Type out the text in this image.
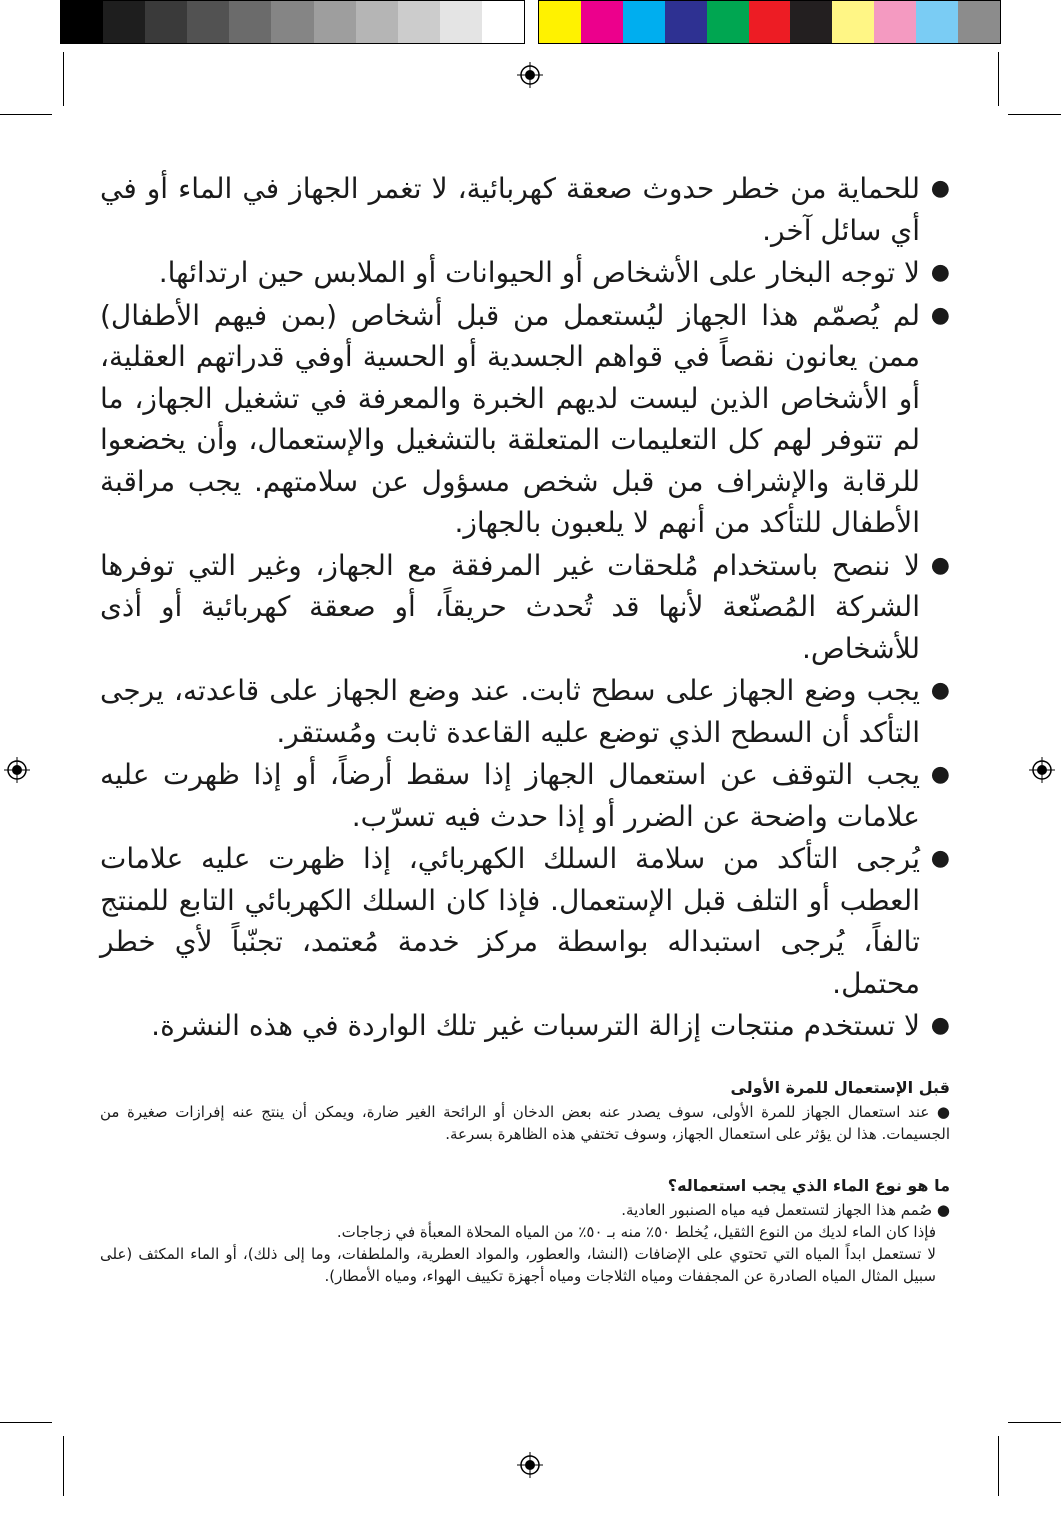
●
للحماية من خطر حدوث صعقة كهربائية، لا تغمر الجهاز في الماء أو في أي سائل آخر.
●
لا توجه البخار على الأشخاص أو الحيوانات أو الملابس حين ارتدائها.
●
لم يُصمّم هذا الجهاز ليُستعمل من قبل أشخاص (بمن فيهم الأطفال) ممن يعانون نقصاً في قواهم الجسدية أو الحسية أوفي قدراتهم العقلية، أو الأشخاص الذين ليست لديهم الخبرة والمعرفة في تشغيل الجهاز، ما لم تتوفر لهم كل التعليمات المتعلقة بالتشغيل والإستعمال، وأن يخضعوا للرقابة والإشراف من قبل شخص مسؤول عن سلامتهم. يجب مراقبة الأطفال للتأكد من أنهم لا يلعبون بالجهاز.
●
لا ننصح باستخدام مُلحقات غير المرفقة مع الجهاز، وغير التي توفرها الشركة المُصنّعة لأنها قد تُحدث حريقاً، أو صعقة كهربائية أو أذى للأشخاص.
●
يجب وضع الجهاز على سطح ثابت. عند وضع الجهاز على قاعدته، يرجى التأكد أن السطح الذي توضع عليه القاعدة ثابت ومُستقر.
●
يجب التوقف عن استعمال الجهاز إذا سقط أرضاً، أو إذا ظهرت عليه علامات واضحة عن الضرر أو إذا حدث فيه تسرّب.
●
يُرجى التأكد من سلامة السلك الكهربائي، إذا ظهرت عليه علامات العطب أو التلف قبل الإستعمال. فإذا كان السلك الكهربائي التابع للمنتج تالفاً، يُرجى استبداله بواسطة مركز خدمة مُعتمد، تجنّباً لأي خطر محتمل.
●
لا تستخدم منتجات إزالة الترسبات غير تلك الواردة في هذه النشرة.
قبل الإستعمال للمرة الأولى

● عند استعمال الجهاز للمرة الأولى، سوف يصدر عنه بعض الدخان أو الرائحة الغير ضارة، ويمكن أن ينتج عنه إفرازات صغيرة من الجسيمات. هذا لن يؤثر على استعمال الجهاز، وسوف تختفي هذه الظاهرة بسرعة.

ما هو نوع الماء الذي يجب استعماله؟

● صُمم هذا الجهاز لتستعمل فيه مياه الصنبور العادية.

فإذا كان الماء لديك من النوع الثقيل، يُخلط ٥٠٪ منه بـ ٥٠٪ من المياه المحلاة المعبأة في زجاجات.

لا تستعمل ابداً المياه التي تحتوي على الإضافات (النشا، والعطور، والمواد العطرية، والملطفات، وما إلى ذلك)، أو الماء المكثف (على سبيل المثال المياه الصادرة عن المجففات ومياه الثلاجات ومياه أجهزة تكييف الهواء، ومياه الأمطار).
